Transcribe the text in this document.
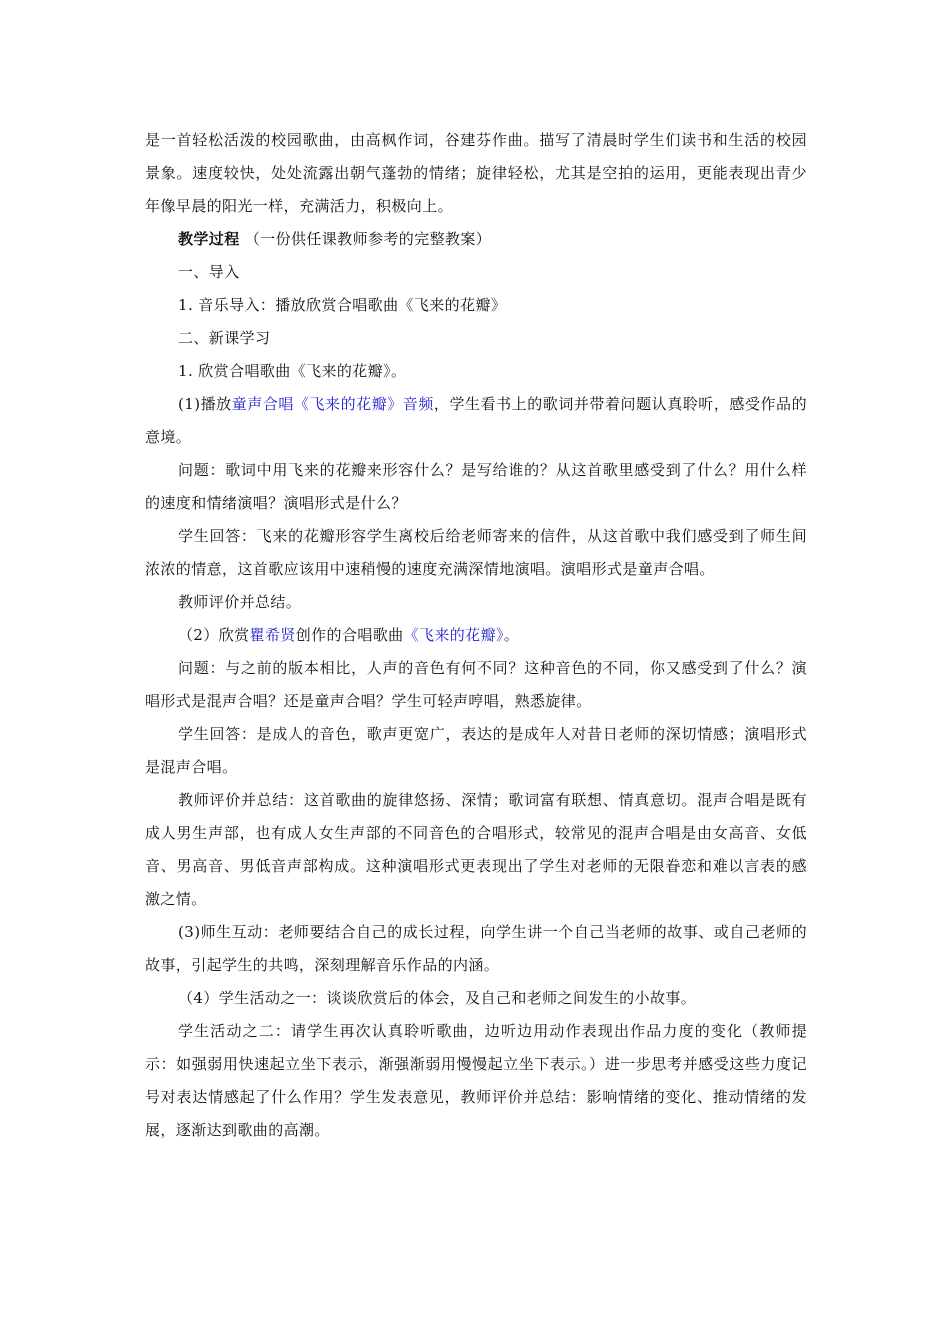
是一首轻松活泼的校园歌曲，由高枫作词，谷建芬作曲。描写了清晨时学生们读书和生活的校园景象。速度较快，处处流露出朝气蓬勃的情绪；旋律轻松，尤其是空拍的运用，更能表现出青少年像早晨的阳光一样，充满活力，积极向上。

教学过程 （一份供任课教师参考的完整教案）

一、导入

1. 音乐导入：播放欣赏合唱歌曲《飞来的花瓣》

二、新课学习

1. 欣赏合唱歌曲《飞来的花瓣》。

(1)播放童声合唱《飞来的花瓣》音频，学生看书上的歌词并带着问题认真聆听，感受作品的意境。

问题：歌词中用飞来的花瓣来形容什么？是写给谁的？从这首歌里感受到了什么？用什么样的速度和情绪演唱？演唱形式是什么？

学生回答：飞来的花瓣形容学生离校后给老师寄来的信件，从这首歌中我们感受到了师生间浓浓的情意，这首歌应该用中速稍慢的速度充满深情地演唱。演唱形式是童声合唱。

教师评价并总结。

（2）欣赏瞿希贤创作的合唱歌曲《飞来的花瓣》。

问题：与之前的版本相比，人声的音色有何不同？这种音色的不同，你又感受到了什么？演唱形式是混声合唱？还是童声合唱？学生可轻声哼唱，熟悉旋律。

学生回答：是成人的音色，歌声更宽广，表达的是成年人对昔日老师的深切情感；演唱形式是混声合唱。

教师评价并总结：这首歌曲的旋律悠扬、深情；歌词富有联想、情真意切。混声合唱是既有成人男生声部，也有成人女生声部的不同音色的合唱形式，较常见的混声合唱是由女高音、女低音、男高音、男低音声部构成。这种演唱形式更表现出了学生对老师的无限眷恋和难以言表的感激之情。

(3)师生互动：老师要结合自己的成长过程，向学生讲一个自己当老师的故事、或自己老师的故事，引起学生的共鸣，深刻理解音乐作品的内涵。

（4）学生活动之一：谈谈欣赏后的体会，及自己和老师之间发生的小故事。

学生活动之二：请学生再次认真聆听歌曲，边听边用动作表现出作品力度的变化（教师提示：如强弱用快速起立坐下表示，渐强渐弱用慢慢起立坐下表示。）进一步思考并感受这些力度记号对表达情感起了什么作用？学生发表意见，教师评价并总结：影响情绪的变化、推动情绪的发展，逐渐达到歌曲的高潮。
